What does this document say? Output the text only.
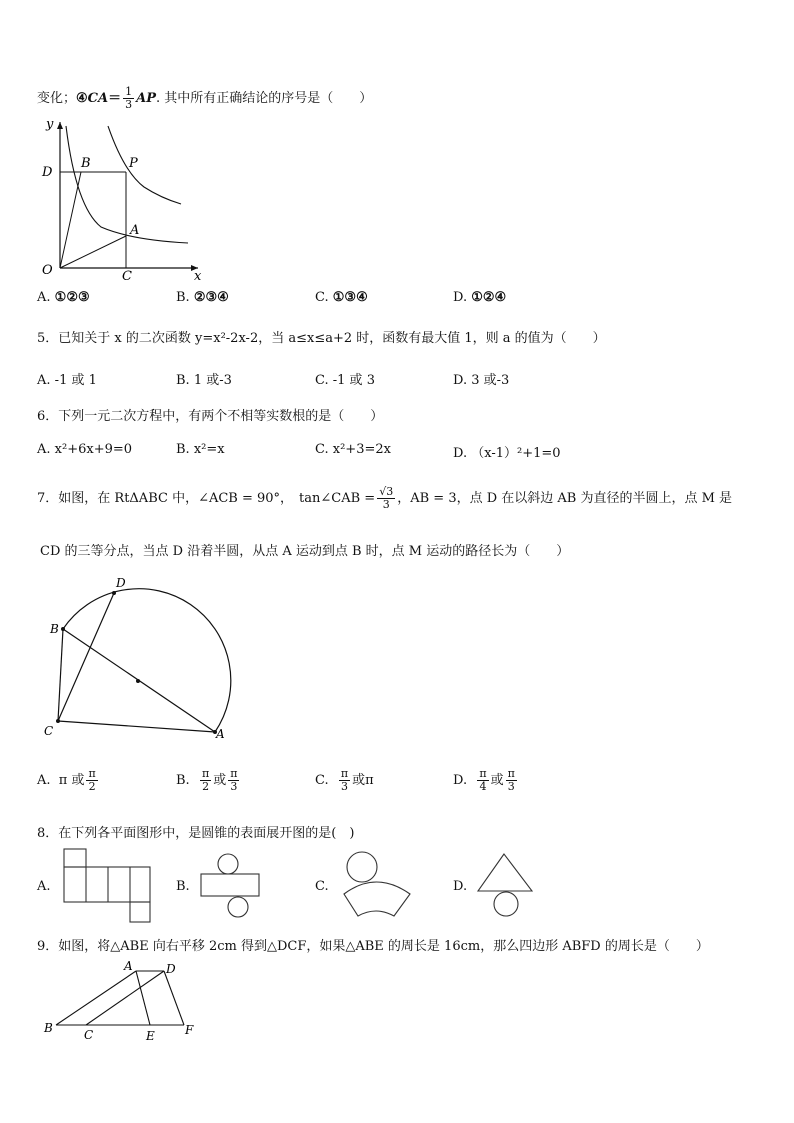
变化；④CA＝ $\frac{1}{3}$ AP. 其中所有正确结论的序号是（　　）
y
x
D
B	P
A
O	C
A. ①②③	B. ②③④	C. ①③④	D. ①②④
5．已知关于 x 的二次函数 y=x²-2x-2，当 a≤x≤a+2 时，函数有最大值 1，则 a 的值为（　　）
A. -1 或 1	B. 1 或-3	C. -1 或 3	D. 3 或-3
6．下列一元二次方程中，有两个不相等实数根的是（　　）
A. x²+6x+9=0	B. x²=x	C. x²+3=2x	D. （x-1）²+1=0
7．如图，在 RtΔABC 中，∠ACB = 90°， tan∠CAB = $\frac{√3}{3}$ ，AB = 3，点 D 在以斜边 AB 为直径的半圆上，点 M 是
CD 的三等分点，当点 D 沿着半圆，从点 A 运动到点 B 时，点 M 运动的路径长为（　　）
D
B
C	A
A. π 或 $\frac{\pi}{2}$	B. $\frac{\pi}{2}$ 或 $\frac{\pi}{3}$	C. $\frac{\pi}{3}$ 或π	D. $\frac{\pi}{4}$ 或 $\frac{\pi}{3}$
8．在下列各平面图形中，是圆锥的表面展开图的是(　)
A.	B.	C.	D.
9．如图，将△ABE 向右平移 2cm 得到△DCF，如果△ABE 的周长是 16cm，那么四边形 ABFD 的周长是（　　）
A	D
B	C	E	F
